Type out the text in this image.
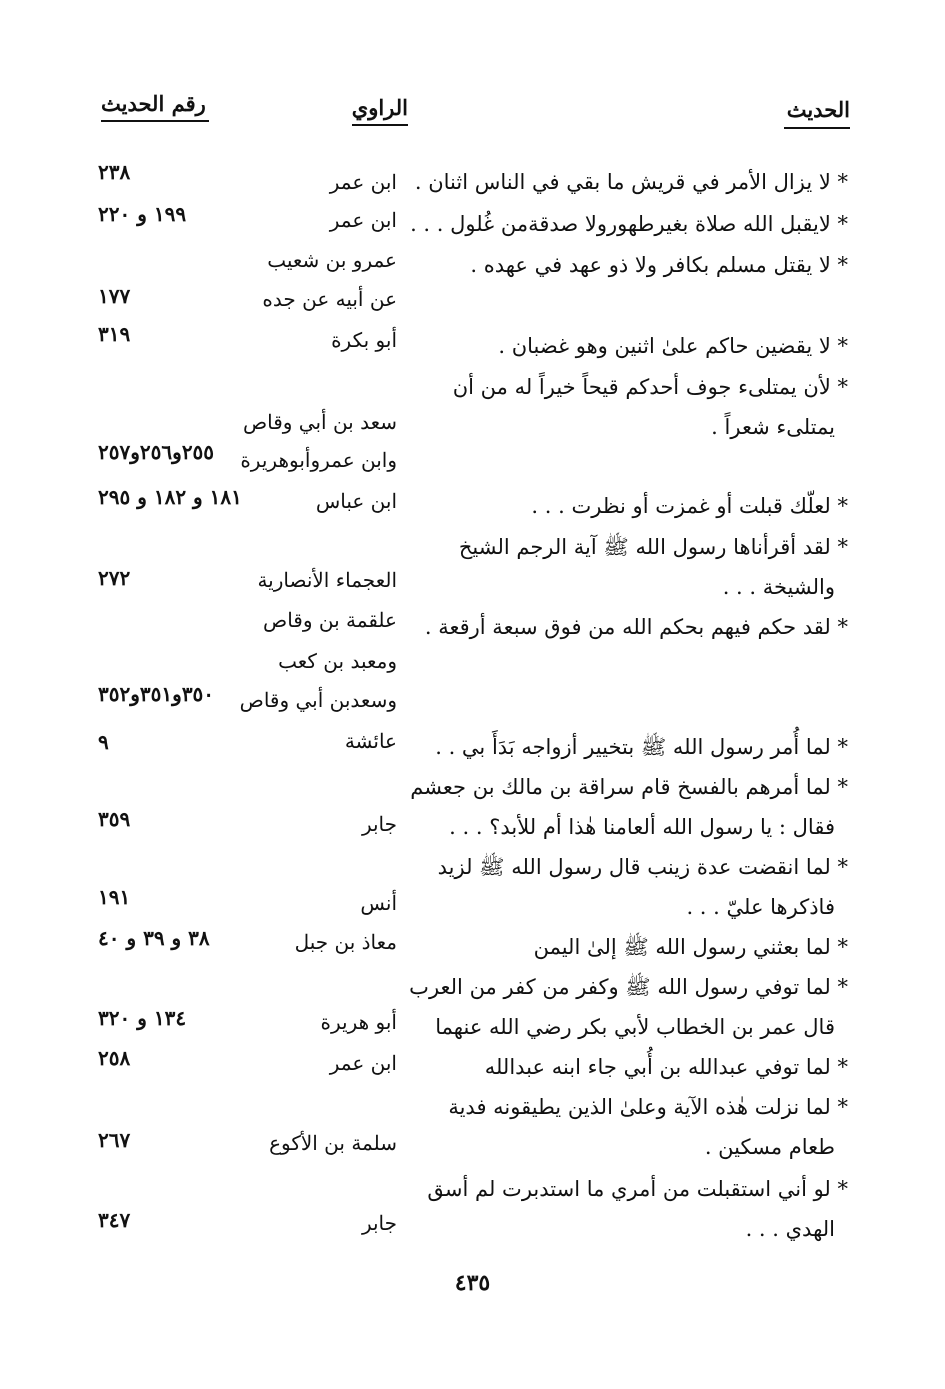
الحديث
الراوي
رقم الحديث
* لا يزال الأمر في قريش ما بقي في الناس اثنان .
* لايقبل الله صلاة بغيرطهورولا صدقةمن غُلول . . .
* لا يقتل مسلم بكافر ولا ذو عهد في عهده .
* لا يقضين حاكم علىٰ اثنين وهو غضبان .
* لأن يمتلىء جوف أحدكم قيحاً خيراً له من أن
يمتلىء شعراً .
* لعلّك قبلت أو غمزت أو نظرت . . .
* لقد أقرأناها رسول الله ﷺ آية الرجم الشيخ
والشيخة . . .
* لقد حكم فيهم بحكم الله من فوق سبعة أرقعة .
* لما أُمر رسول الله ﷺ بتخيير أزواجه بَدَأَ بي . .
* لما أمرهم بالفسخ قام سراقة بن مالك بن جعشم
فقال : يا رسول الله ألعامنا هٰذا أم للأبد؟ . . .
* لما انقضت عدة زينب قال رسول الله ﷺ لزيد
فاذكرها عليّ . . .
* لما بعثني رسول الله ﷺ إلىٰ اليمن
* لما توفي رسول الله ﷺ وكفر من كفر من العرب
قال عمر بن الخطاب لأبي بكر رضي الله عنهما
* لما توفي عبدالله بن أُبي جاء ابنه عبدالله
* لما نزلت هٰذه الآية وعلىٰ الذين يطيقونه فدية
طعام مسكين .
* لو أني استقبلت من أمري ما استدبرت لم أسق
الهدي . . .
ابن عمر
ابن عمر
عمرو بن شعيب
عن أبيه عن جده
أبو بكرة
سعد بن أبي وقاص
وابن عمروأبوهريرة
ابن عباس
العجماء الأنصارية
علقمة بن وقاص
ومعبد بن كعب
وسعدبن أبي وقاص
عائشة
جابر
أنس
معاذ بن جبل
أبو هريرة
ابن عمر
سلمة بن الأكوع
جابر
٢٣٨
١٩٩ و ٢٢٠
١٧٧
٣١٩
٢٥٥و٢٥٦و٢٥٧
١٨١ و ١٨٢ و ٢٩٥
٢٧٢
٣٥٠و٣٥١و٣٥٢
٩
٣٥٩
١٩١
٣٨ و ٣٩ و ٤٠
١٣٤ و ٣٢٠
٢٥٨
٢٦٧
٣٤٧
٤٣٥
